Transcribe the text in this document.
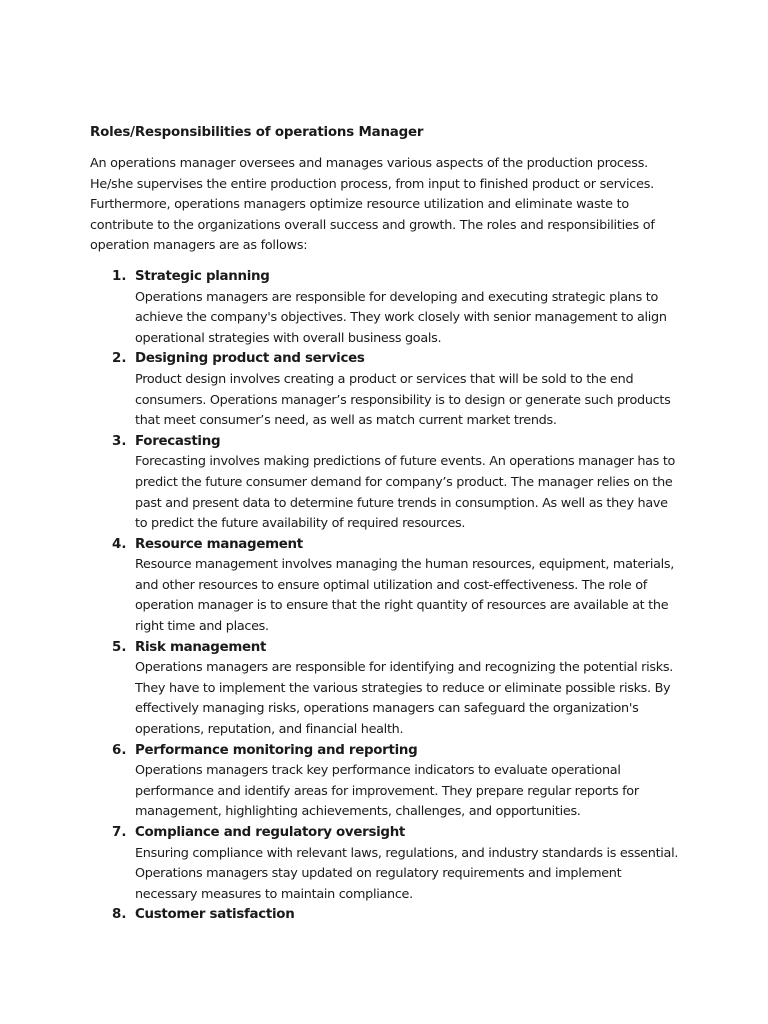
Roles/Responsibilities of operations Manager

An operations manager oversees and manages various aspects of the production process.
He/she supervises the entire production process, from input to finished product or services.
Furthermore, operations managers optimize resource utilization and eliminate waste to
contribute to the organizations overall success and growth. The roles and responsibilities of
operation managers are as follows:

1. Strategic planning
Operations managers are responsible for developing and executing strategic plans to
achieve the company's objectives. They work closely with senior management to align
operational strategies with overall business goals.
2. Designing product and services
Product design involves creating a product or services that will be sold to the end
consumers. Operations manager’s responsibility is to design or generate such products
that meet consumer’s need, as well as match current market trends.
3. Forecasting
Forecasting involves making predictions of future events. An operations manager has to
predict the future consumer demand for company’s product. The manager relies on the
past and present data to determine future trends in consumption. As well as they have
to predict the future availability of required resources.
4. Resource management
Resource management involves managing the human resources, equipment, materials,
and other resources to ensure optimal utilization and cost-effectiveness. The role of
operation manager is to ensure that the right quantity of resources are available at the
right time and places.
5. Risk management
Operations managers are responsible for identifying and recognizing the potential risks.
They have to implement the various strategies to reduce or eliminate possible risks. By
effectively managing risks, operations managers can safeguard the organization's
operations, reputation, and financial health.
6. Performance monitoring and reporting
Operations managers track key performance indicators to evaluate operational
performance and identify areas for improvement. They prepare regular reports for
management, highlighting achievements, challenges, and opportunities.
7. Compliance and regulatory oversight
Ensuring compliance with relevant laws, regulations, and industry standards is essential.
Operations managers stay updated on regulatory requirements and implement
necessary measures to maintain compliance.
8. Customer satisfaction
